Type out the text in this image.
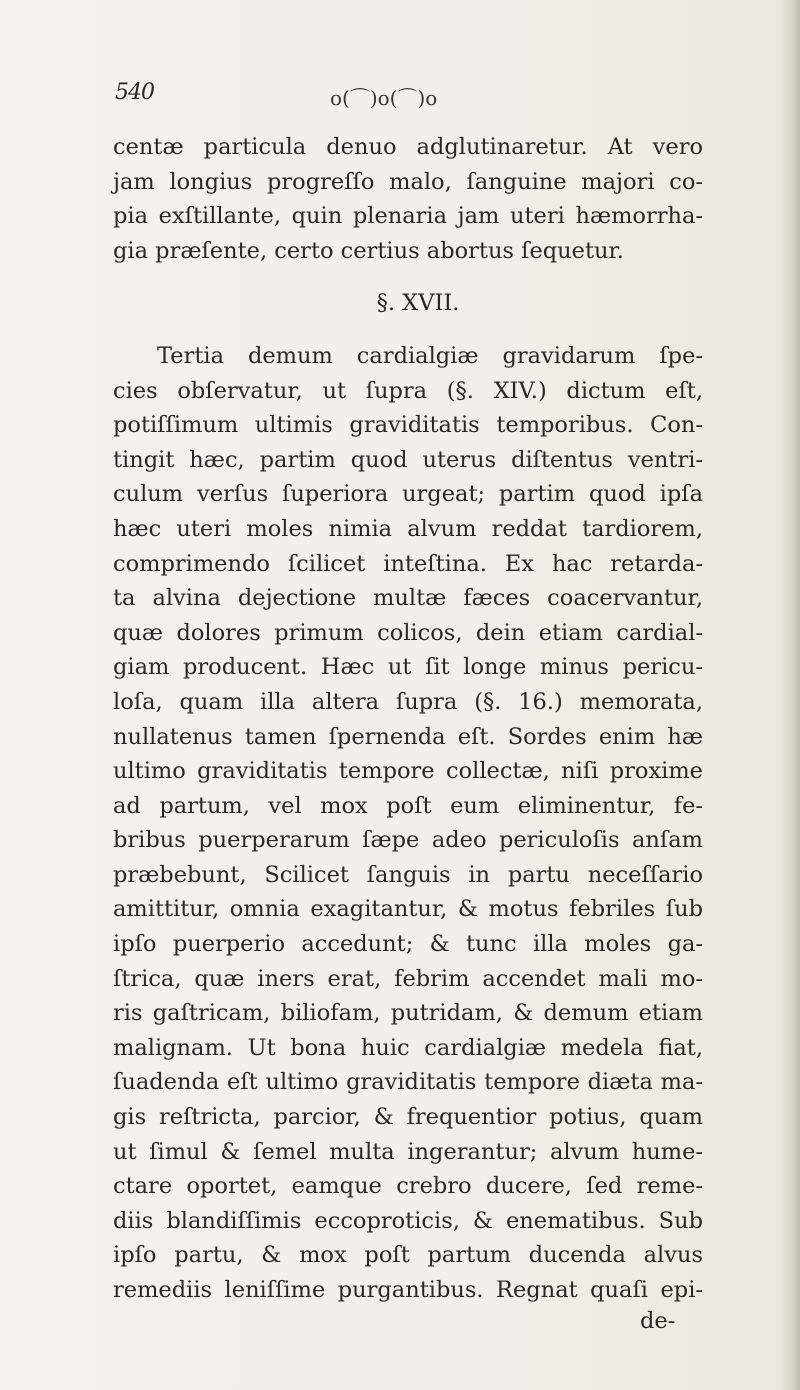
540	o(⌒)o(⌒)o
centæ particula denuo adglutinaretur. At vero
jam longius progreſſo malo, ſanguine majori co-
pia exſtillante, quin plenaria jam uteri hæmorrha-
gia præſente, certo certius abortus ſequetur.
§. XVII.
Tertia demum cardialgiæ gravidarum ſpe-
cies obſervatur, ut ſupra (§. XIV.) dictum eſt,
potiſſimum ultimis graviditatis temporibus. Con-
tingit hæc, partim quod uterus diſtentus ventri-
culum verſus ſuperiora urgeat; partim quod ipſa
hæc uteri moles nimia alvum reddat tardiorem,
comprimendo ſcilicet inteſtina. Ex hac retarda-
ta alvina dejectione multæ fæces coacervantur,
quæ dolores primum colicos, dein etiam cardial-
giam producent. Hæc ut ſit longe minus pericu-
loſa, quam illa altera ſupra (§. 16.) memorata,
nullatenus tamen ſpernenda eſt. Sordes enim hæ
ultimo graviditatis tempore collectæ, niſi proxime
ad partum, vel mox poſt eum eliminentur, fe-
bribus puerperarum ſæpe adeo periculoſis anſam
præbebunt, Scilicet ſanguis in partu neceſſario
amittitur, omnia exagitantur, & motus febriles ſub
ipſo puerperio accedunt; & tunc illa moles ga-
ſtrica, quæ iners erat, febrim accendet mali mo-
ris gaſtricam, biliofam, putridam, & demum etiam
malignam. Ut bona huic cardialgiæ medela fiat,
ſuadenda eſt ultimo graviditatis tempore diæta ma-
gis reſtricta, parcior, & frequentior potius, quam
ut ſimul & ſemel multa ingerantur; alvum hume-
ctare oportet, eamque crebro ducere, ſed reme-
diis blandiſſimis eccoproticis, & enematibus. Sub
ipſo partu, & mox poſt partum ducenda alvus
remediis leniſſime purgantibus. Regnat quaſi epi-
de-
